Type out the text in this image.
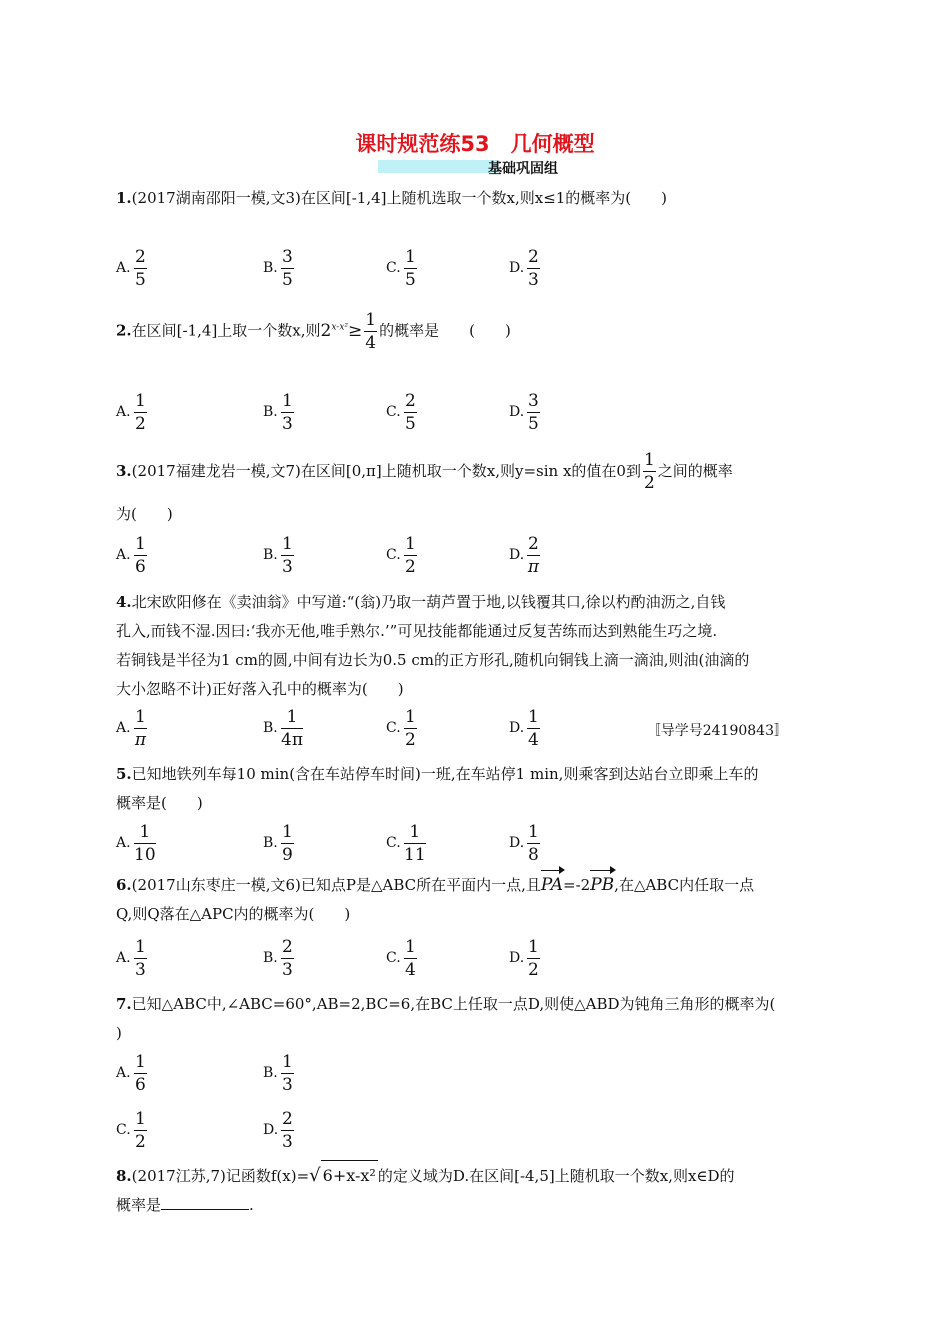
课时规范练53　几何概型
基础巩固组
1.(2017湖南邵阳一模,文3)在区间[-1,4]上随机选取一个数x,则x≤1的概率为(　　)
A. $\frac{2}{5}$	B. $\frac{3}{5}$	C. $\frac{1}{5}$	D. $\frac{2}{3}$
2.在区间[-1,4]上取一个数x,则$2^{x-x^2}\ge \frac{1}{4}$ 的概率是　　(　　)
A. $\frac{1}{2}$	B. $\frac{1}{3}$	C. $\frac{2}{5}$	D. $\frac{3}{5}$
3.(2017福建龙岩一模,文7)在区间[0,π]上随机取一个数x,则y=sin x的值在0到 $\frac{1}{2}$ 之间的概率
为(　　)
A. $\frac{1}{6}$	B. $\frac{1}{3}$	C. $\frac{1}{2}$	D. $\frac{2}{\pi}$
4.北宋欧阳修在《卖油翁》中写道:“(翁)乃取一葫芦置于地,以钱覆其口,徐以杓酌油沥之,自钱
孔入,而钱不湿.因曰:‘我亦无他,唯手熟尔.’”可见技能都能通过反复苦练而达到熟能生巧之境.
若铜钱是半径为1 cm的圆,中间有边长为0.5 cm的正方形孔,随机向铜钱上滴一滴油,则油(油滴的
大小忽略不计)正好落入孔中的概率为(　　)
A. $\frac{1}{\pi}$	B. $\frac{1}{4\pi}$	C. $\frac{1}{2}$	D. $\frac{1}{4}$	〚导学号24190843〛
5.已知地铁列车每10 min(含在车站停车时间)一班,在车站停1 min,则乘客到达站台立即乘上车的
概率是(　　)
A. $\frac{1}{10}$	B. $\frac{1}{9}$	C. $\frac{1}{11}$	D. $\frac{1}{8}$
6.(2017山东枣庄一模,文6)已知点P是△ABC所在平面内一点,且PA=-2PB,在△ABC内任取一点
Q,则Q落在△APC内的概率为(　　)
A. $\frac{1}{3}$	B. $\frac{2}{3}$	C. $\frac{1}{4}$	D. $\frac{1}{2}$
7.已知△ABC中,∠ABC=60°,AB=2,BC=6,在BC上任取一点D,则使△ABD为钝角三角形的概率为(
)
A. $\frac{1}{6}$	B. $\frac{1}{3}$
C. $\frac{1}{2}$	D. $\frac{2}{3}$
8.(2017江苏,7)记函数f(x)=√ 6+x-x² 的定义域为D.在区间[-4,5]上随机取一个数x,则x∈D的
概率是	.
